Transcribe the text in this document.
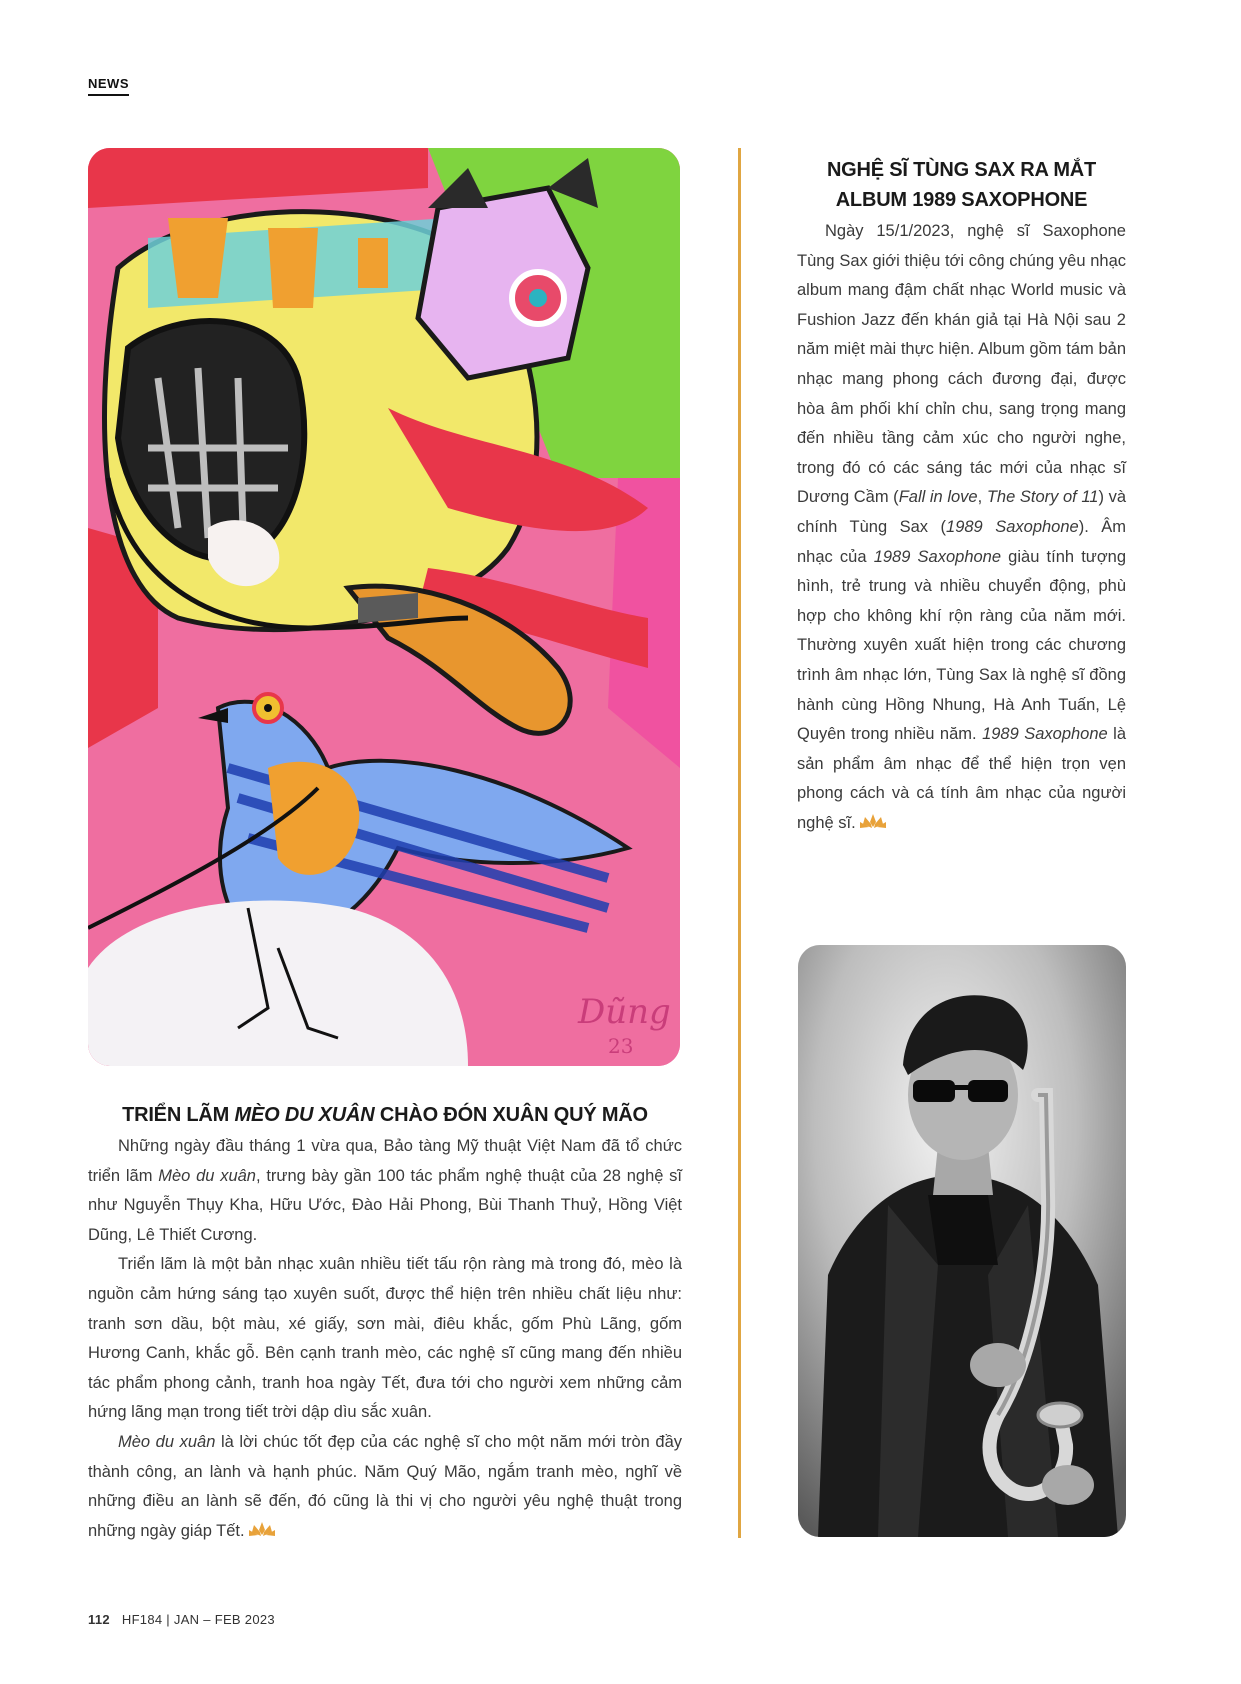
NEWS
Dũng
23
NGHỆ SĨ TÙNG SAX RA MẮT
ALBUM 1989 SAXOPHONE

Ngày 15/1/2023, nghệ sĩ Saxophone Tùng Sax giới thiệu tới công chúng yêu nhạc album mang đậm chất nhạc World music và Fushion Jazz đến khán giả tại Hà Nội sau 2 năm miệt mài thực hiện. Album gồm tám bản nhạc mang phong cách đương đại, được hòa âm phối khí chỉn chu, sang trọng mang đến nhiều tầng cảm xúc cho người nghe, trong đó có các sáng tác mới của nhạc sĩ Dương Cầm (Fall in love, The Story of 11) và chính Tùng Sax (1989 Saxophone). Âm nhạc của 1989 Saxophone giàu tính tượng hình, trẻ trung và nhiều chuyển động, phù hợp cho không khí rộn ràng của năm mới. Thường xuyên xuất hiện trong các chương trình âm nhạc lớn, Tùng Sax là nghệ sĩ đồng hành cùng Hồng Nhung, Hà Anh Tuấn, Lệ Quyên trong nhiều năm. 1989 Saxophone là sản phẩm âm nhạc để thể hiện trọn vẹn phong cách và cá tính âm nhạc của người nghệ sĩ.

TRIỂN LÃM MÈO DU XUÂN CHÀO ĐÓN XUÂN QUÝ MÃO

Những ngày đầu tháng 1 vừa qua, Bảo tàng Mỹ thuật Việt Nam đã tổ chức triển lãm Mèo du xuân, trưng bày gần 100 tác phẩm nghệ thuật của 28 nghệ sĩ như Nguyễn Thụy Kha, Hữu Ước, Đào Hải Phong, Bùi Thanh Thuỷ, Hồng Việt Dũng, Lê Thiết Cương.

Triển lãm là một bản nhạc xuân nhiều tiết tấu rộn ràng mà trong đó, mèo là nguồn cảm hứng sáng tạo xuyên suốt, được thể hiện trên nhiều chất liệu như: tranh sơn dầu, bột màu, xé giấy, sơn mài, điêu khắc, gốm Phù Lãng, gốm Hương Canh, khắc gỗ. Bên cạnh tranh mèo, các nghệ sĩ cũng mang đến nhiều tác phẩm phong cảnh, tranh hoa ngày Tết, đưa tới cho người xem những cảm hứng lãng mạn trong tiết trời dập dìu sắc xuân.

Mèo du xuân là lời chúc tốt đẹp của các nghệ sĩ cho một năm mới tròn đầy thành công, an lành và hạnh phúc. Năm Quý Mão, ngắm tranh mèo, nghĩ về những điều an lành sẽ đến, đó cũng là thi vị cho người yêu nghệ thuật trong những ngày giáp Tết.

112 HF184 | JAN – FEB 2023
